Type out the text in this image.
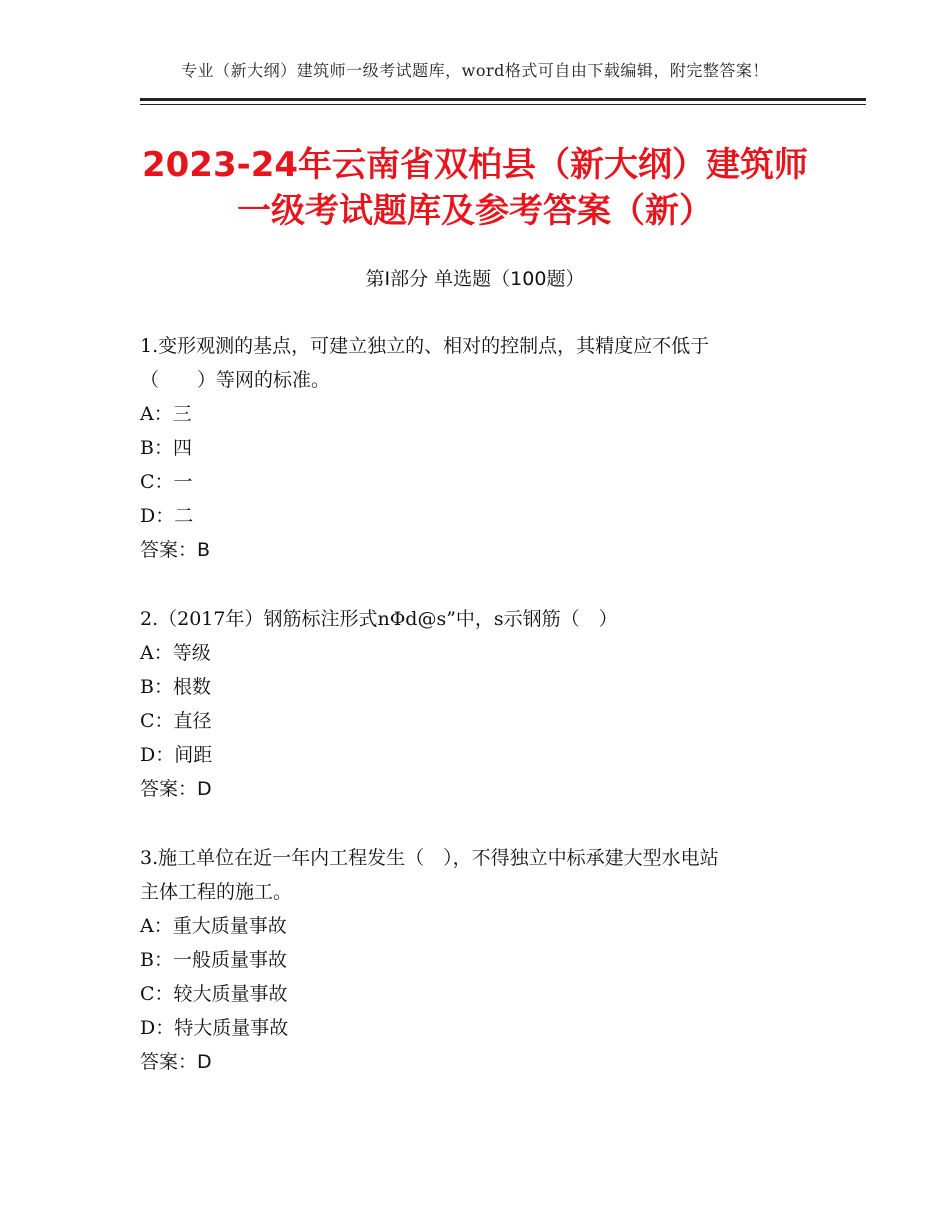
专业（新大纲）建筑师一级考试题库，word格式可自由下载编辑，附完整答案！
2023-24年云南省双柏县（新大纲）建筑师
一级考试题库及参考答案（新）
第Ⅰ部分 单选题（100题）

1.变形观测的基点，可建立独立的、相对的控制点，其精度应不低于

（　　）等网的标准。

A：三

B：四

C：一

D：二

答案：B

2.（2017年）钢筋标注形式nΦd@s”中，s示钢筋（　）

A：等级

B：根数

C：直径

D：间距

答案：D

3.施工单位在近一年内工程发生（　），不得独立中标承建大型水电站

主体工程的施工。

A：重大质量事故

B：一般质量事故

C：较大质量事故

D：特大质量事故

答案：D
